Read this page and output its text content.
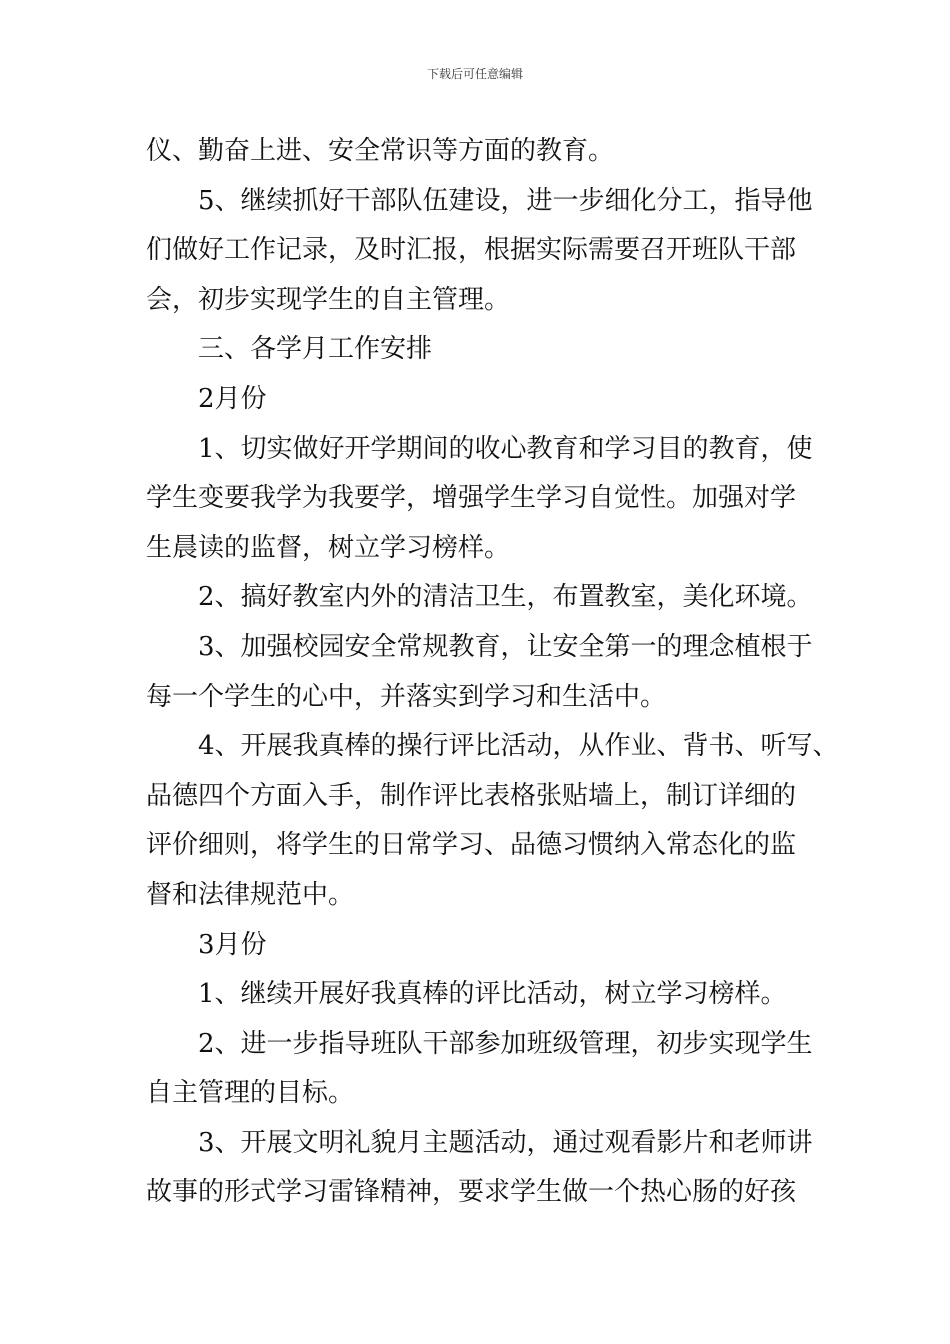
下载后可任意编辑
仪、勤奋上进、安全常识等方面的教育。
5、继续抓好干部队伍建设，进一步细化分工，指导他
们做好工作记录，及时汇报，根据实际需要召开班队干部
会，初步实现学生的自主管理。
三、各学月工作安排
2月份
1、切实做好开学期间的收心教育和学习目的教育，使
学生变要我学为我要学，增强学生学习自觉性。加强对学
生晨读的监督，树立学习榜样。
2、搞好教室内外的清洁卫生，布置教室，美化环境。
3、加强校园安全常规教育，让安全第一的理念植根于
每一个学生的心中，并落实到学习和生活中。
4、开展我真棒的操行评比活动，从作业、背书、听写、
品德四个方面入手，制作评比表格张贴墙上，制订详细的
评价细则，将学生的日常学习、品德习惯纳入常态化的监
督和法律规范中。
3月份
1、继续开展好我真棒的评比活动，树立学习榜样。
2、进一步指导班队干部参加班级管理，初步实现学生
自主管理的目标。
3、开展文明礼貌月主题活动，通过观看影片和老师讲
故事的形式学习雷锋精神，要求学生做一个热心肠的好孩
